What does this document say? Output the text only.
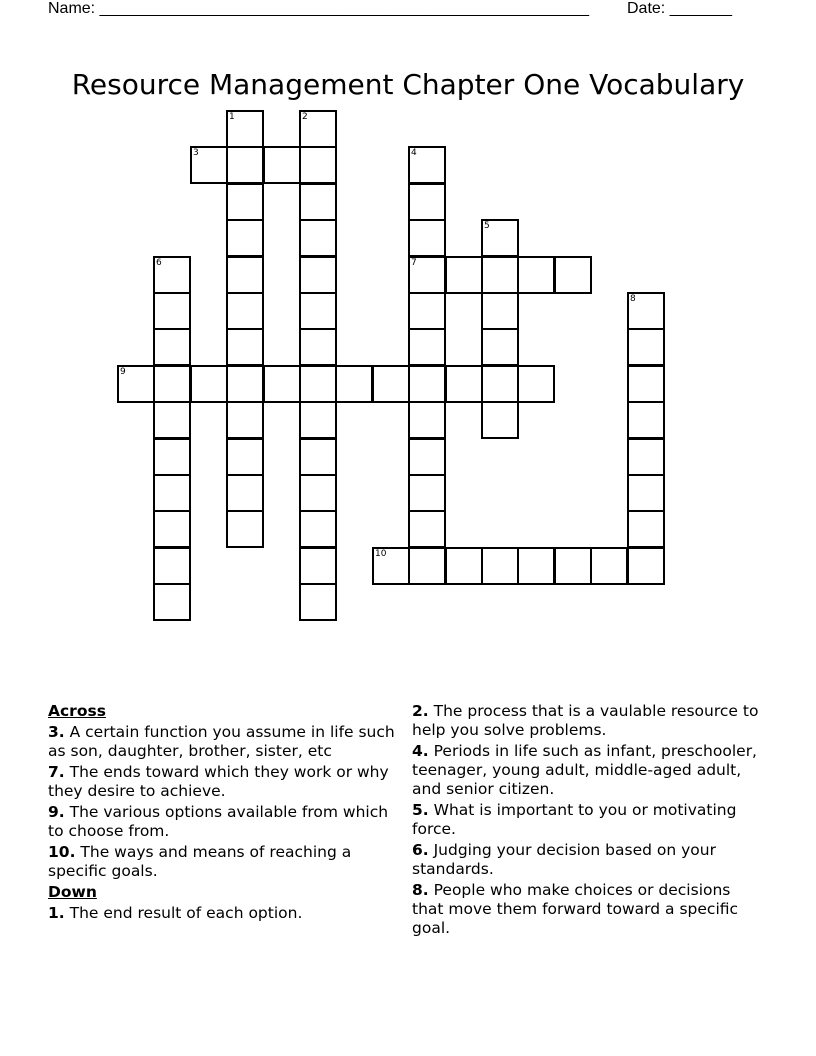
Name: _______________________________________________________ Date: _______
Resource Management Chapter One Vocabulary
1	2
3	4
5
6	7
8
9
10
Across
3. A certain function you assume in life such as son, daughter, brother, sister, etc
7. The ends toward which they work or why they desire to achieve.
9. The various options available from which to choose from.
10. The ways and means of reaching a specific goals.
Down
1. The end result of each option.
2. The process that is a vaulable resource to help you solve problems.
4. Periods in life such as infant, preschooler, teenager, young adult, middle-aged adult, and senior citizen.
5. What is important to you or motivating force.
6. Judging your decision based on your standards.
8. People who make choices or decisions that move them forward toward a specific goal.
